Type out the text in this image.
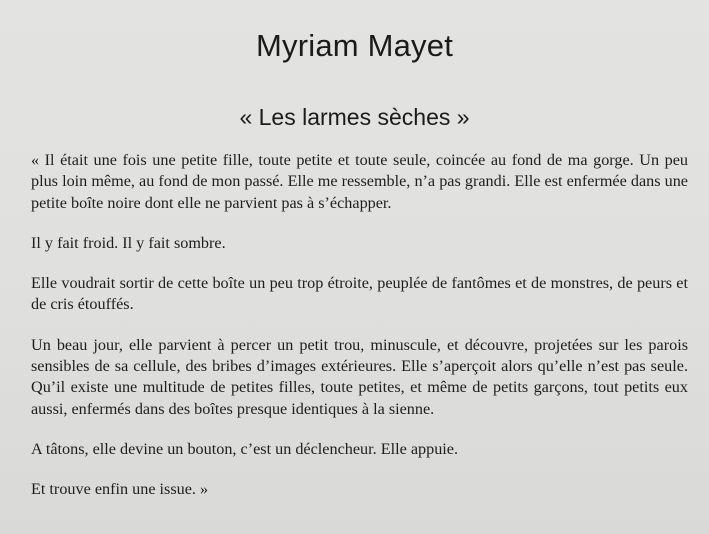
Myriam Mayet
« Les larmes sèches »

« Il était une fois une petite fille, toute petite et toute seule, coincée au fond de ma gorge. Un peu plus loin même, au fond de mon passé. Elle me ressemble, n’a pas grandi. Elle est enfermée dans une petite boîte noire dont elle ne parvient pas à s’échapper.

Il y fait froid. Il y fait sombre.

Elle voudrait sortir de cette boîte un peu trop étroite, peuplée de fantômes et de monstres, de peurs et de cris étouffés.

Un beau jour, elle parvient à percer un petit trou, minuscule, et découvre, projetées sur les parois sensibles de sa cellule, des bribes d’images extérieures. Elle s’aperçoit alors qu’elle n’est pas seule. Qu’il existe une multitude de petites filles, toute petites, et même de petits garçons, tout petits eux aussi, enfermés dans des boîtes presque identiques à la sienne.

A tâtons, elle devine un bouton, c’est un déclencheur. Elle appuie.

Et trouve enfin une issue. »
